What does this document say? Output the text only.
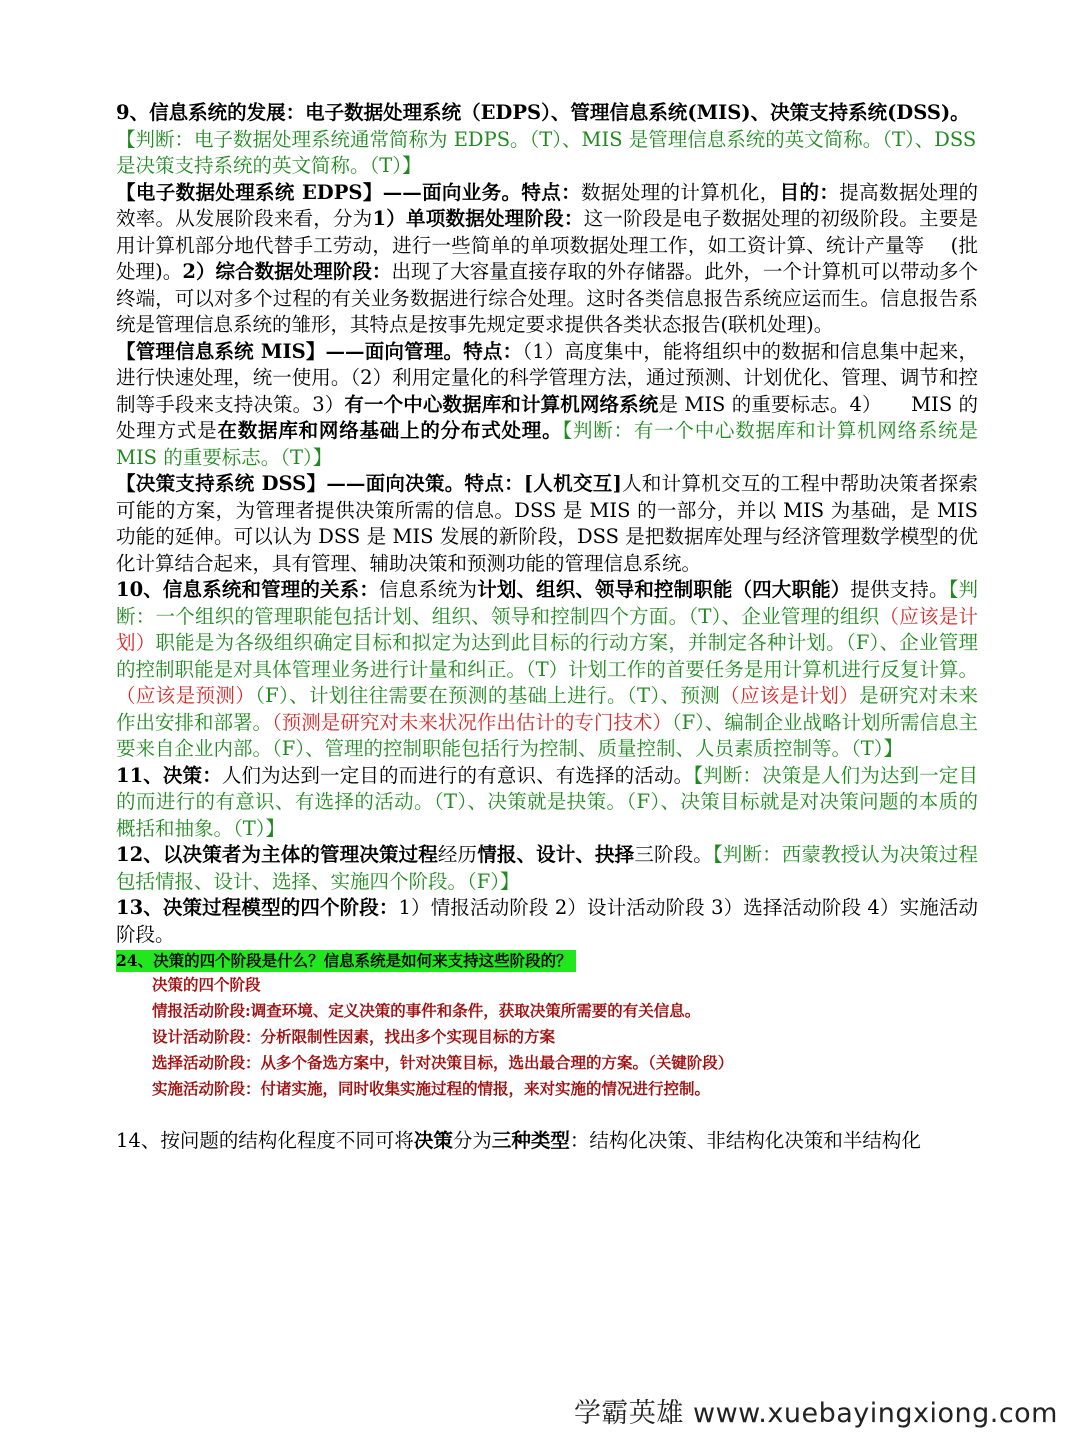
9、信息系统的发展：电子数据处理系统（EDPS）、管理信息系统(MIS)、决策支持系统(DSS)。

【判断：电子数据处理系统通常简称为 EDPS。（T）、MIS 是管理信息系统的英文简称。（T）、DSS

是决策支持系统的英文简称。（T）】

【电子数据处理系统 EDPS】——面向业务。特点：数据处理的计算机化，目的：提高数据处理的效率。从发展阶段来看，分为1）单项数据处理阶段：这一阶段是电子数据处理的初级阶段。主要是用计算机部分地代替手工劳动，进行一些简单的单项数据处理工作，如工资计算、统计产量等　 (批处理)。2）综合数据处理阶段：出现了大容量直接存取的外存储器。此外，一个计算机可以带动多个终端，可以对多个过程的有关业务数据进行综合处理。这时各类信息报告系统应运而生。信息报告系统是管理信息系统的雏形，其特点是按事先规定要求提供各类状态报告(联机处理)。

【管理信息系统 MIS】——面向管理。特点：（1）高度集中，能将组织中的数据和信息集中起来，进行快速处理，统一使用。（2）利用定量化的科学管理方法，通过预测、计划优化、管理、调节和控制等手段来支持决策。3）有一个中心数据库和计算机网络系统是 MIS 的重要标志。4）　　MIS 的处理方式是在数据库和网络基础上的分布式处理。【判断：有一个中心数据库和计算机网络系统是 MIS 的重要标志。（T）】

【决策支持系统 DSS】——面向决策。特点：[人机交互]人和计算机交互的工程中帮助决策者探索可能的方案，为管理者提供决策所需的信息。DSS 是 MIS 的一部分，并以 MIS 为基础，是 MIS 功能的延伸。可以认为 DSS 是 MIS 发展的新阶段，DSS 是把数据库处理与经济管理数学模型的优化计算结合起来，具有管理、辅助决策和预测功能的管理信息系统。

10、信息系统和管理的关系：信息系统为计划、组织、领导和控制职能（四大职能）提供支持。【判断：一个组织的管理职能包括计划、组织、领导和控制四个方面。（T）、企业管理的组织（应该是计划）职能是为各级组织确定目标和拟定为达到此目标的行动方案，并制定各种计划。（F）、企业管理的控制职能是对具体管理业务进行计量和纠正。（T）计划工作的首要任务是用计算机进行反复计算。（应该是预测）（F）、计划往往需要在预测的基础上进行。（T）、预测（应该是计划）是研究对未来作出安排和部署。（预测是研究对未来状况作出估计的专门技术）（F）、编制企业战略计划所需信息主要来自企业内部。（F）、管理的控制职能包括行为控制、质量控制、人员素质控制等。（T）】

11、决策：人们为达到一定目的而进行的有意识、有选择的活动。【判断：决策是人们为达到一定目的而进行的有意识、有选择的活动。（T）、决策就是抉策。（F）、决策目标就是对决策问题的本质的概括和抽象。（T）】

12、以决策者为主体的管理决策过程经历情报、设计、抉择三阶段。【判断：西蒙教授认为决策过程包括情报、设计、选择、实施四个阶段。（F）】

13、决策过程模型的四个阶段：1）情报活动阶段 2）设计活动阶段 3）选择活动阶段 4）实施活动阶段。

24、决策的四个阶段是什么？信息系统是如何来支持这些阶段的？

决策的四个阶段

情报活动阶段:调查环境、定义决策的事件和条件，获取决策所需要的有关信息。

设计活动阶段：分析限制性因素，找出多个实现目标的方案

选择活动阶段：从多个备选方案中，针对决策目标，选出最合理的方案。（关键阶段）

实施活动阶段：付诸实施，同时收集实施过程的情报，来对实施的情况进行控制。

14、按问题的结构化程度不同可将决策分为三种类型：结构化决策、非结构化决策和半结构化

学霸英雄 www.xuebayingxiong.com
